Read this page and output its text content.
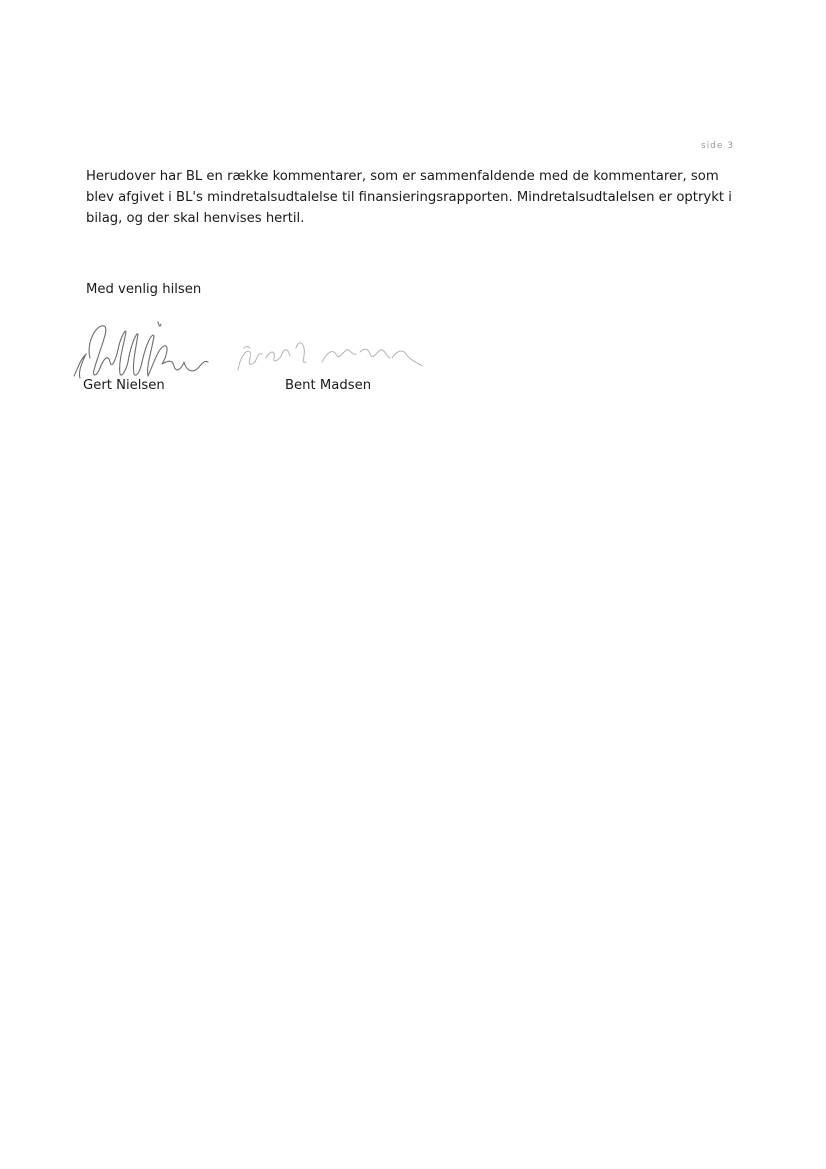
side 3

Herudover har BL en række kommentarer, som er sammenfaldende med de kommentarer, som blev afgivet i BL's mindretalsudtalelse til finansieringsrapporten. Mindretalsudtalelsen er optrykt i bilag, og der skal henvises hertil.

Med venlig hilsen

Gert Nielsen	Bent Madsen
